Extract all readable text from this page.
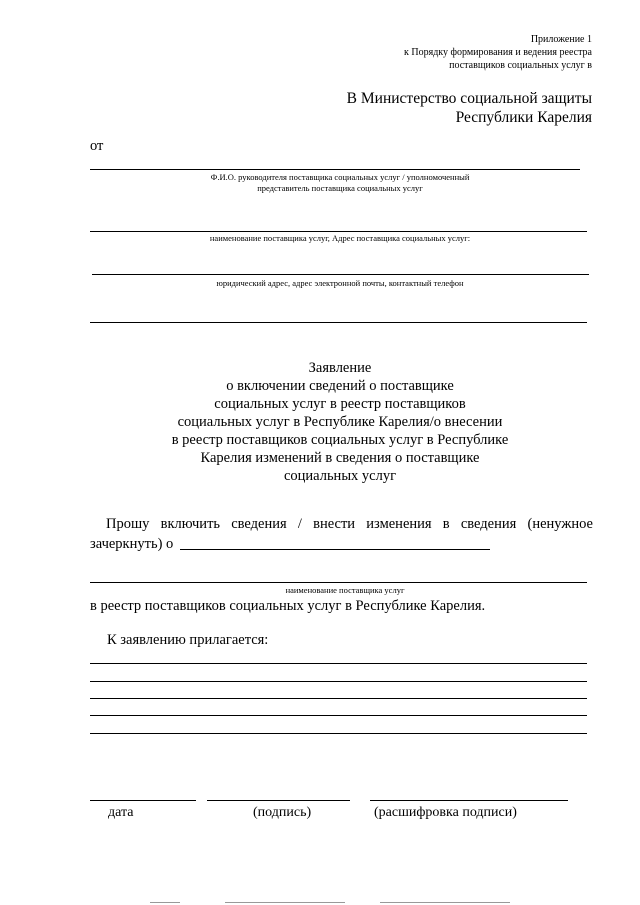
Приложение 1
к Порядку формирования и ведения реестра
поставщиков социальных услуг в
В Министерство социальной защиты
Республики Карелия
от
Ф.И.О. руководителя поставщика социальных услуг / уполномоченный
представитель поставщика социальных услуг
наименование поставщика услуг, Адрес поставщика социальных услуг:
юридический адрес, адрес электронной почты, контактный телефон
Заявление
о включении сведений о поставщике
социальных услуг в реестр поставщиков
социальных услуг в Республике Карелия/о внесении
в реестр поставщиков социальных услуг в Республике
Карелия изменений в сведения о поставщике
социальных услуг
Прошу включить сведения / внести изменения в сведения (ненужное
зачеркнуть) о
наименование поставщика услуг
в реестр поставщиков социальных услуг в Республике Карелия.
К заявлению прилагается:
дата	(подпись)	(расшифровка подписи)
